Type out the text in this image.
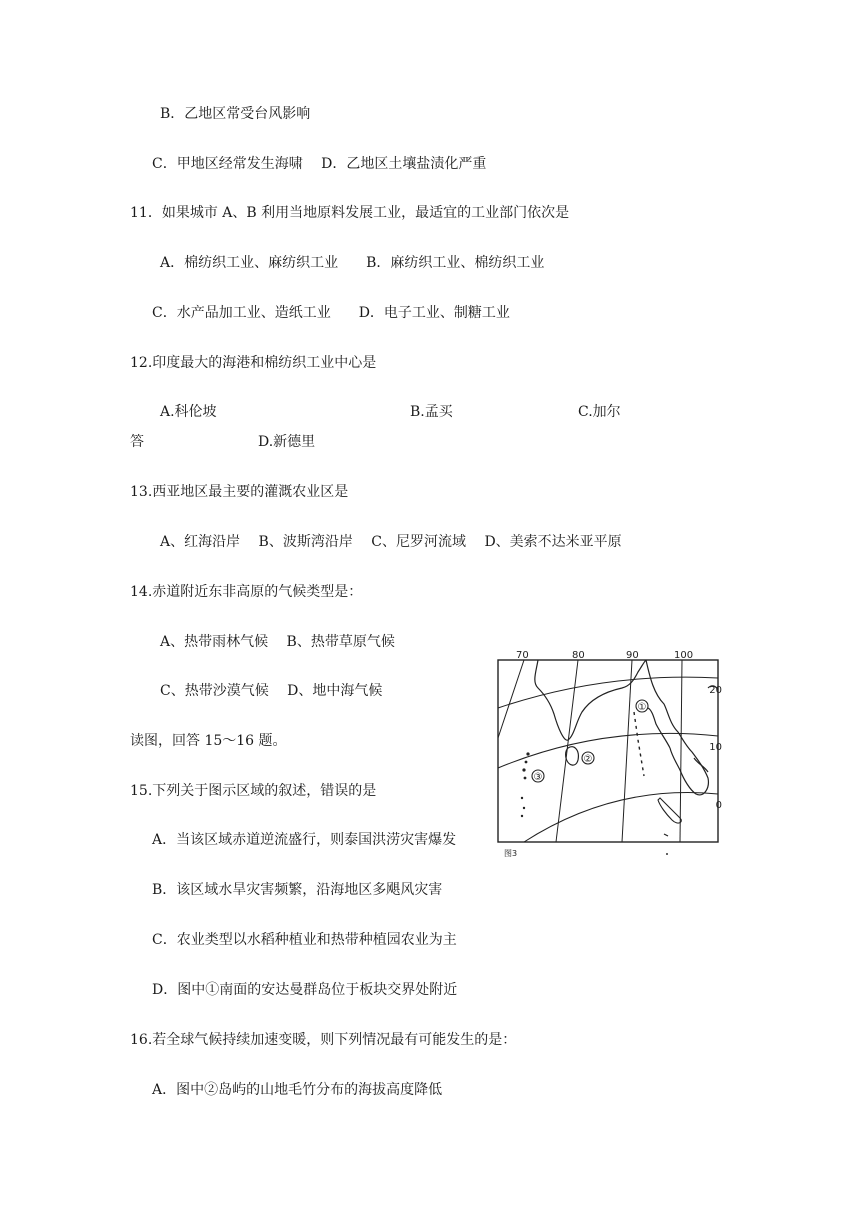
B．乙地区常受台风影响
C．甲地区经常发生海啸　 D．乙地区土壤盐渍化严重
11．如果城市 A、B 利用当地原料发展工业，最适宜的工业部门依次是
A．棉纺织工业、麻纺织工业　　B．麻纺织工业、棉纺织工业
C．水产品加工业、造纸工业　　D．电子工业、制糖工业
12.印度最大的海港和棉纺织工业中心是
A.科伦坡	B.孟买	C.加尔
答	D.新德里
13.西亚地区最主要的灌溉农业区是
A、红海沿岸　 B、波斯湾沿岸　 C、尼罗河流域　 D、美索不达米亚平原
14.赤道附近东非高原的气候类型是：
A、热带雨林气候　 B、热带草原气候
C、热带沙漠气候　 D、地中海气候
读图，回答 15～16 题。
15.下列关于图示区域的叙述，错误的是
A．当该区域赤道逆流盛行，则泰国洪涝灾害爆发
B．该区域水旱灾害频繁，沿海地区多飓风灾害
C．农业类型以水稻种植业和热带种植园农业为主
D．图中①南面的安达曼群岛位于板块交界处附近
16.若全球气候持续加速变暖，则下列情况最有可能发生的是：
A．图中②岛屿的山地毛竹分布的海拔高度降低
70	80	90	100
20
10
0
①
②
③
图3
